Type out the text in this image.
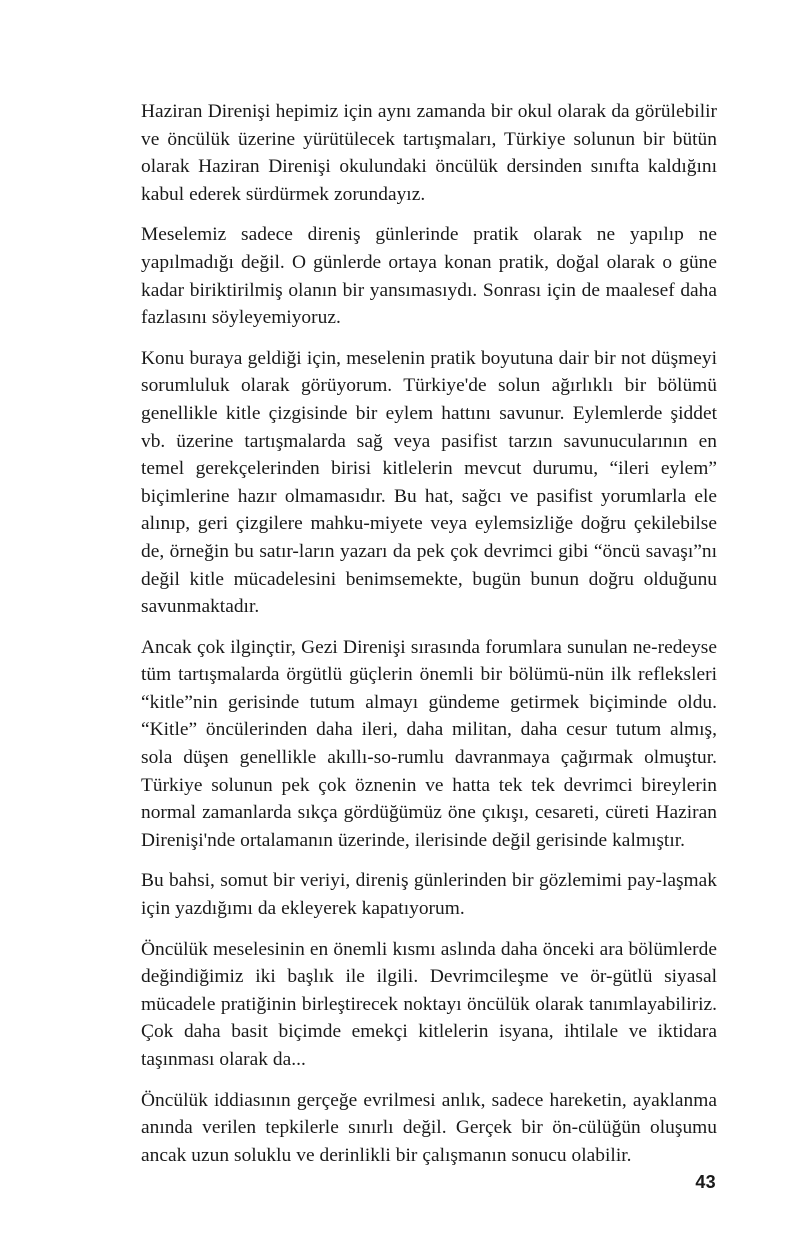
Haziran Direnişi hepimiz için aynı zamanda bir okul olarak da görülebilir ve öncülük üzerine yürütülecek tartışmaları, Türkiye solunun bir bütün olarak Haziran Direnişi okulundaki öncülük dersinden sınıfta kaldığını kabul ederek sürdürmek zorundayız.

Meselemiz sadece direniş günlerinde pratik olarak ne yapılıp ne yapılmadığı değil. O günlerde ortaya konan pratik, doğal olarak o güne kadar biriktirilmiş olanın bir yansımasıydı. Sonrası için de maalesef daha fazlasını söyleyemiyoruz.

Konu buraya geldiği için, meselenin pratik boyutuna dair bir not düşmeyi sorumluluk olarak görüyorum. Türkiye'de solun ağırlıklı bir bölümü genellikle kitle çizgisinde bir eylem hattını savunur. Eylemlerde şiddet vb. üzerine tartışmalarda sağ veya pasifist tarzın savunucularının en temel gerekçelerinden birisi kitlelerin mevcut durumu, “ileri eylem” biçimlerine hazır olmamasıdır. Bu hat, sağcı ve pasifist yorumlarla ele alınıp, geri çizgilere mahku-miyete veya eylemsizliğe doğru çekilebilse de, örneğin bu satır-ların yazarı da pek çok devrimci gibi “öncü savaşı”nı değil kitle mücadelesini benimsemekte, bugün bunun doğru olduğunu savunmaktadır.

Ancak çok ilginçtir, Gezi Direnişi sırasında forumlara sunulan ne-redeyse tüm tartışmalarda örgütlü güçlerin önemli bir bölümü-nün ilk refleksleri “kitle”nin gerisinde tutum almayı gündeme getirmek biçiminde oldu. “Kitle” öncülerinden daha ileri, daha militan, daha cesur tutum almış, sola düşen genellikle akıllı-so-rumlu davranmaya çağırmak olmuştur. Türkiye solunun pek çok öznenin ve hatta tek tek devrimci bireylerin normal zamanlarda sıkça gördüğümüz öne çıkışı, cesareti, cüreti Haziran Direnişi'nde ortalamanın üzerinde, ilerisinde değil gerisinde kalmıştır.

Bu bahsi, somut bir veriyi, direniş günlerinden bir gözlemimi pay-laşmak için yazdığımı da ekleyerek kapatıyorum.

Öncülük meselesinin en önemli kısmı aslında daha önceki ara bölümlerde değindiğimiz iki başlık ile ilgili. Devrimcileşme ve ör-gütlü siyasal mücadele pratiğinin birleştirecek noktayı öncülük olarak tanımlayabiliriz. Çok daha basit biçimde emekçi kitlelerin isyana, ihtilale ve iktidara taşınması olarak da...

Öncülük iddiasının gerçeğe evrilmesi anlık, sadece hareketin, ayaklanma anında verilen tepkilerle sınırlı değil. Gerçek bir ön-cülüğün oluşumu ancak uzun soluklu ve derinlikli bir çalışmanın sonucu olabilir.

43
